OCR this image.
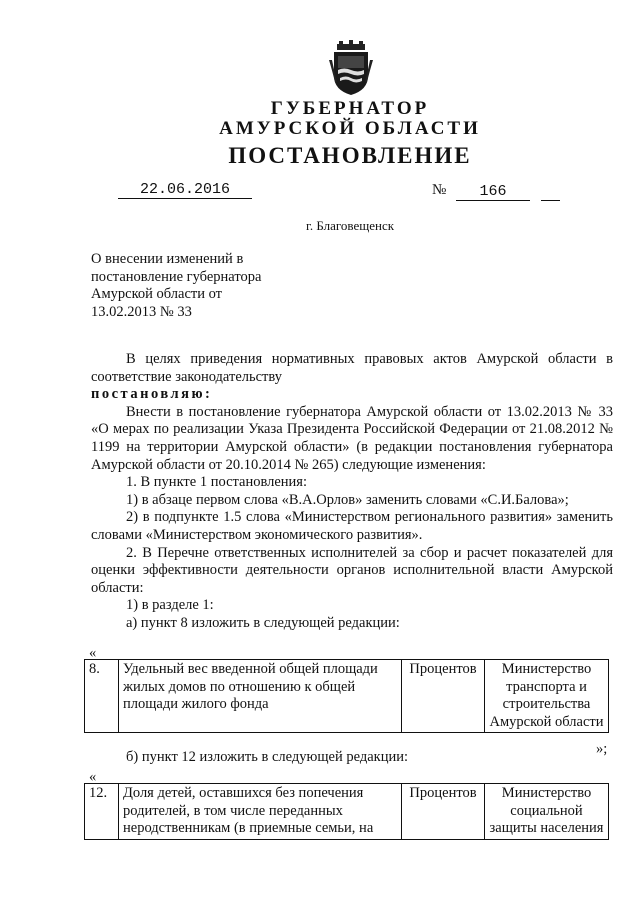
ГУБЕРНАТОР
АМУРСКОЙ ОБЛАСТИ
ПОСТАНОВЛЕНИЕ
22.06.2016	№	166
г. Благовещенск
О внесении изменений в
постановление губернатора
Амурской области от
13.02.2013 № 33

В целях приведения нормативных правовых актов Амурской области в соответствие законодательству

постановляю:

Внести в постановление губернатора Амурской области от 13.02.2013 № 33 «О мерах по реализации Указа Президента Российской Федерации от 21.08.2012 № 1199 на территории Амурской области» (в редакции постановления губернатора Амурской области от 20.10.2014 № 265) следующие изменения:

1. В пункте 1 постановления:

1) в абзаце первом слова «В.А.Орлов» заменить словами «С.И.Балова»;

2) в подпункте 1.5 слова «Министерством регионального развития» заменить словами «Министерством экономического развития».

2. В Перечне ответственных исполнителей за сбор и расчет показателей для оценки эффективности деятельности органов исполнительной власти Амурской области:

1) в разделе 1:

а) пункт 8 изложить в следующей редакции:

«
8.	Удельный вес введенной общей площади
жилых домов по отношению к общей
площади жилого фонда
	Процентов	Министерство
транспорта и
строительства
Амурской области
»;
б) пункт 12 изложить в следующей редакции:
«
12.	Доля детей, оставшихся без попечения
родителей, в том числе переданных
неродственникам (в приемные семьи, на
	Процентов	Министерство
социальной
защиты населения
